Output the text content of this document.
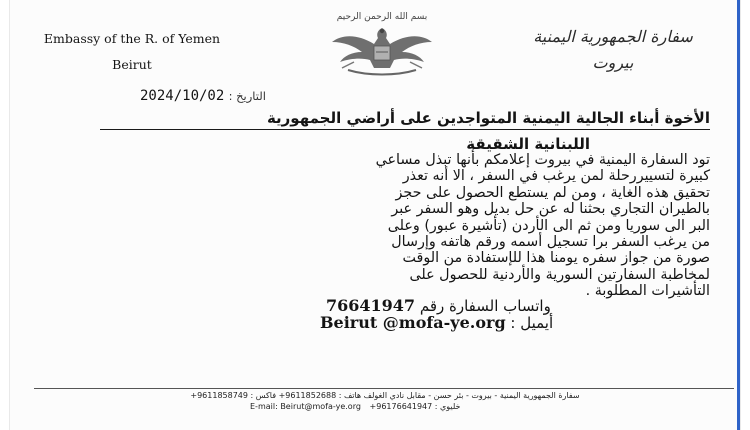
Embassy of the R. of Yemen
Beirut
بسم الله الرحمن الرحيم
سفارة الجمهورية اليمنية
بيروت
التاريخ : 2024/10/02
الأخوة أبناء الجالية اليمنية المتواجدين على أراضي الجمهورية
اللبنانية الشقيقة
تود السفارة اليمنية في بيروت إعلامكم بأنها تبذل مساعي
كبيرة لتسييررحلة لمن يرغب في السفر ، الا أنه تعذر
تحقيق هذه الغاية ، ومن لم يستطع الحصول على حجز
بالطيران التجاري بحثنا له عن حل بديل وهو السفر عبر
البر الى سوريا ومن ثم الى الأردن (تأشيرة عبور) وعلى
من يرغب السفر برا تسجيل أسمه ورقم هاتفه وإرسال
صورة من جواز سفره يومنا هذا للإستفادة من الوقت
لمخاطبة السفارتين السورية والأردنية للحصول على
التأشيرات المطلوبة .
واتساب السفارة رقم 76641947
أيميل : Beirut @mofa-ye.org
سفارة الجمهورية اليمنية - بيروت - بئر حسن - مقابل نادي الغولف هاتف : 9611852688+ فاكس : 9611858749+
خليوي : 96176641947+
E-mail: Beirut@mofa-ye.org
